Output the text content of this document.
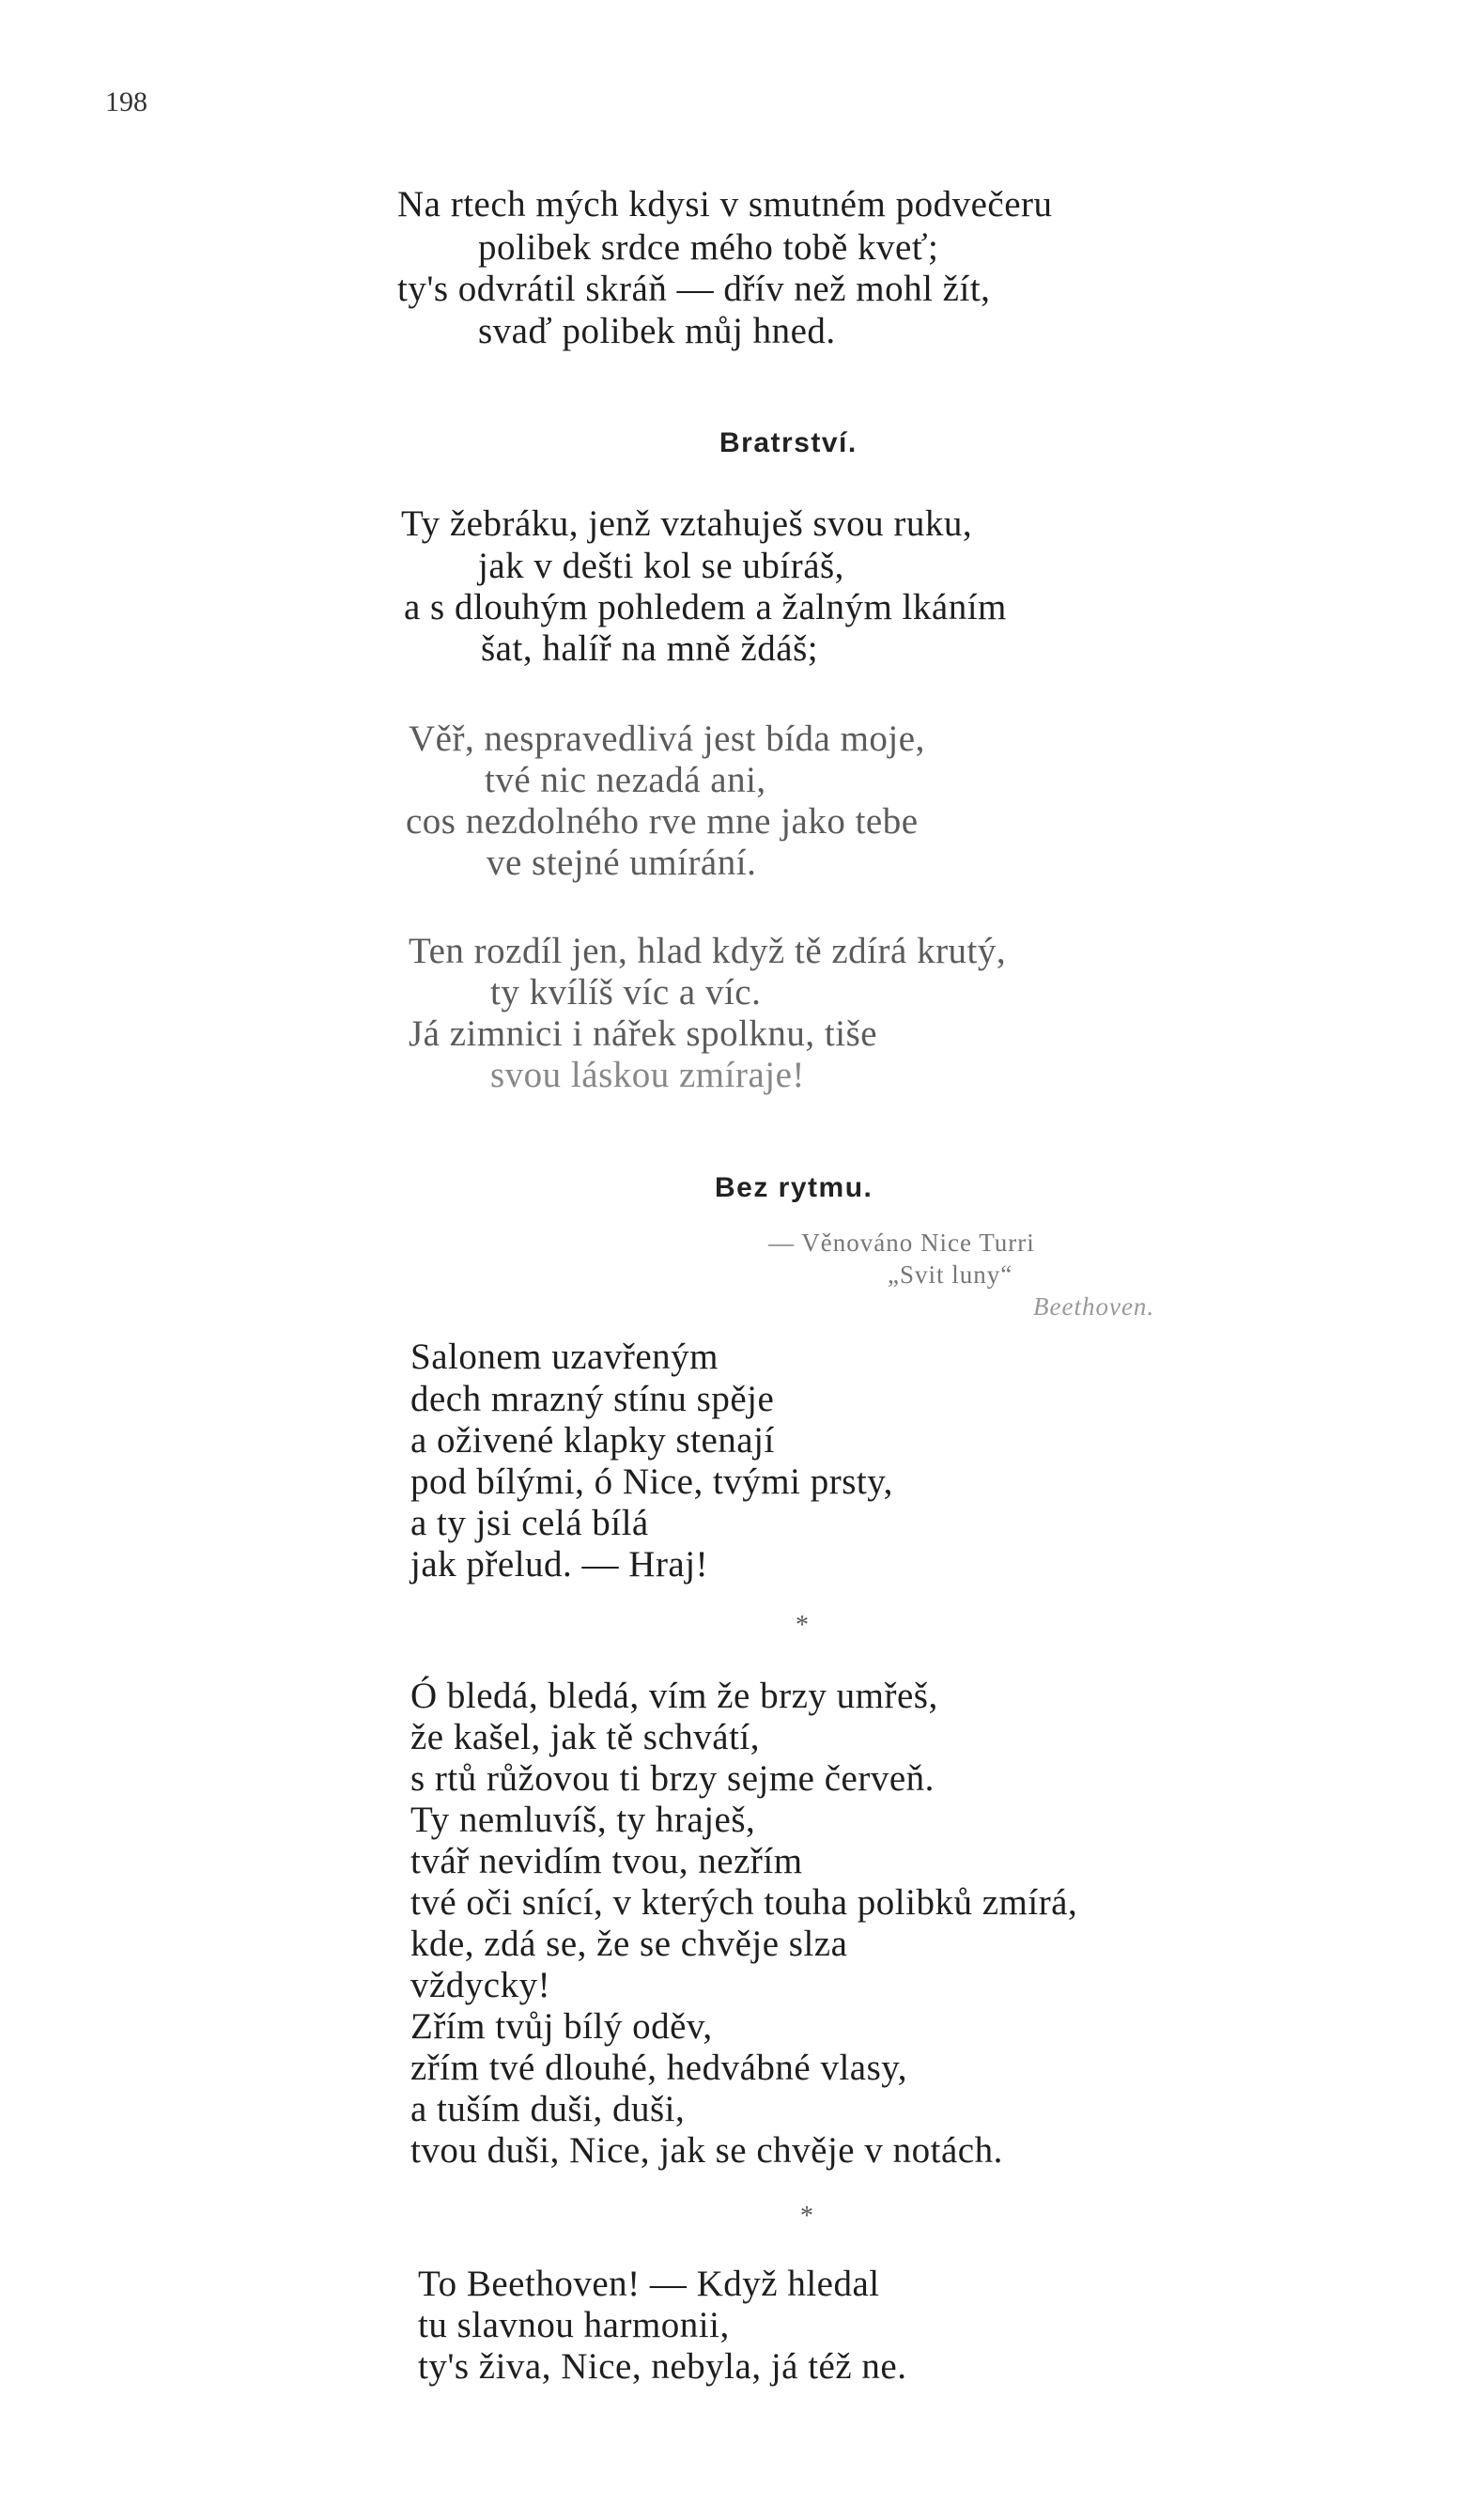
198
Na rtech mých kdysi v smutném podvečeru
polibek srdce mého tobě kveť;
ty's odvrátil skráň — dřív než mohl žít,
svaď polibek můj hned.
Bratrství.
Ty žebráku, jenž vztahuješ svou ruku,
jak v dešti kol se ubíráš,
a s dlouhým pohledem a žalným lkáním
šat, halíř na mně ždáš;
Věř, nespravedlivá jest bída moje,
tvé nic nezadá ani,
cos nezdolného rve mne jako tebe
ve stejné umírání.
Ten rozdíl jen, hlad když tě zdírá krutý,
ty kvílíš víc a víc.
Já zimnici i nářek spolknu, tiše
svou láskou zmíraje!
Bez rytmu.
— Věnováno Nice Turri
„Svit luny“
Beethoven.
Salonem uzavřeným
dech mrazný stínu spěje
a oživené klapky stenají
pod bílými, ó Nice, tvými prsty,
a ty jsi celá bílá
jak přelud. — Hraj!
*
Ó bledá, bledá, vím že brzy umřeš,
že kašel, jak tě schvátí,
s rtů růžovou ti brzy sejme červeň.
Ty nemluvíš, ty hraješ,
tvář nevidím tvou, nezřím
tvé oči snící, v kterých touha polibků zmírá,
kde, zdá se, že se chvěje slza
vždycky!
Zřím tvůj bílý oděv,
zřím tvé dlouhé, hedvábné vlasy,
a tuším duši, duši,
tvou duši, Nice, jak se chvěje v notách.
*
To Beethoven! — Když hledal
tu slavnou harmonii,
ty's živa, Nice, nebyla, já též ne.
